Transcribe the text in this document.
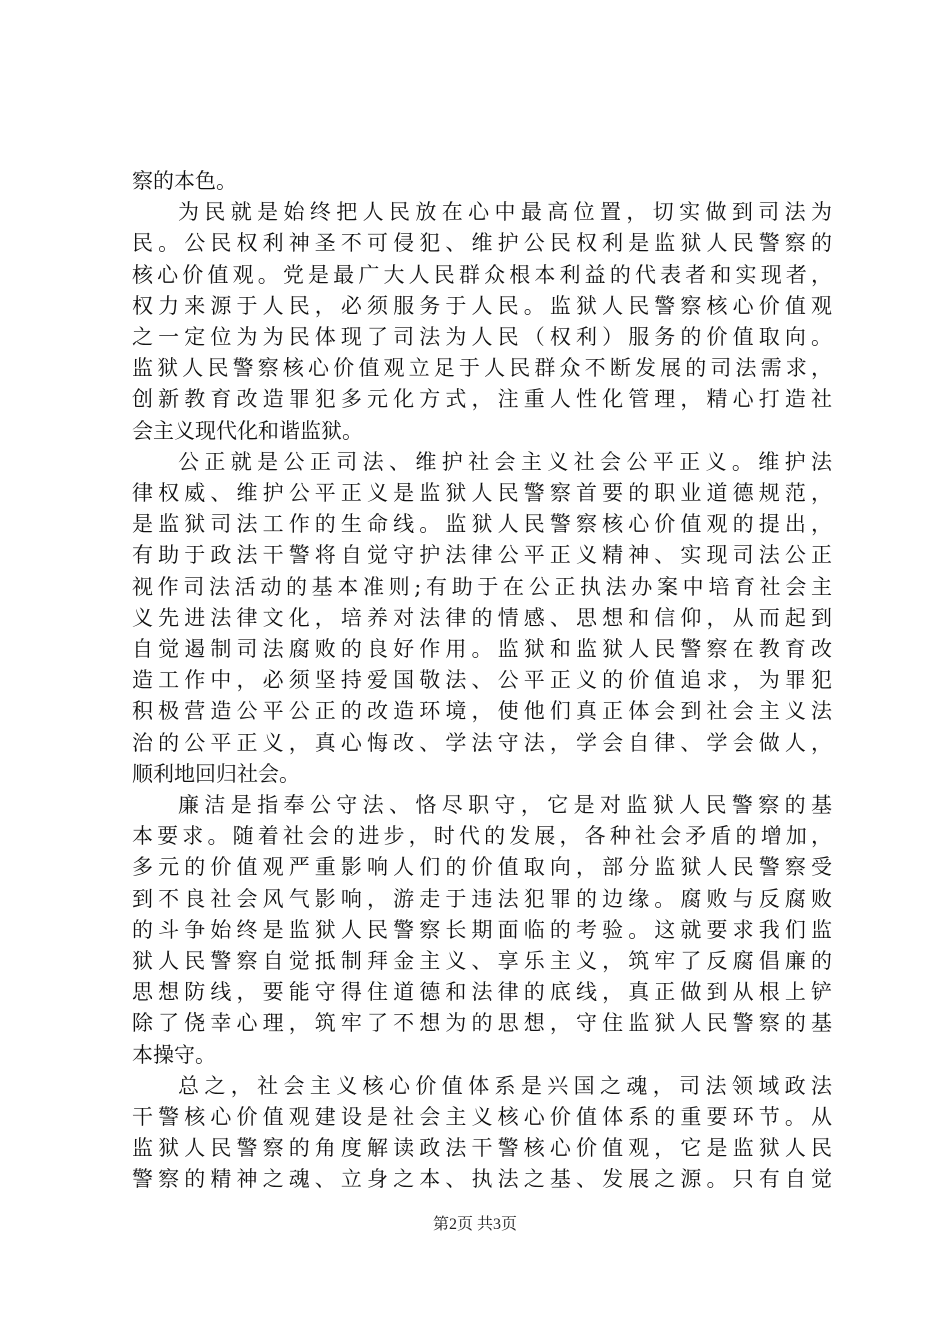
察的本色。
为民就是始终把人民放在心中最高位置，切实做到司法为
民。公民权利神圣不可侵犯、维护公民权利是监狱人民警察的
核心价值观。党是最广大人民群众根本利益的代表者和实现者，
权力来源于人民，必须服务于人民。监狱人民警察核心价值观
之一定位为为民体现了司法为人民（权利）服务的价值取向。
监狱人民警察核心价值观立足于人民群众不断发展的司法需求，
创新教育改造罪犯多元化方式，注重人性化管理，精心打造社
会主义现代化和谐监狱。
公正就是公正司法、维护社会主义社会公平正义。维护法
律权威、维护公平正义是监狱人民警察首要的职业道德规范，
是监狱司法工作的生命线。监狱人民警察核心价值观的提出，
有助于政法干警将自觉守护法律公平正义精神、实现司法公正
视作司法活动的基本准则;有助于在公正执法办案中培育社会主
义先进法律文化，培养对法律的情感、思想和信仰，从而起到
自觉遏制司法腐败的良好作用。监狱和监狱人民警察在教育改
造工作中，必须坚持爱国敬法、公平正义的价值追求，为罪犯
积极营造公平公正的改造环境，使他们真正体会到社会主义法
治的公平正义，真心悔改、学法守法，学会自律、学会做人，
顺利地回归社会。
廉洁是指奉公守法、恪尽职守，它是对监狱人民警察的基
本要求。随着社会的进步，时代的发展，各种社会矛盾的增加，
多元的价值观严重影响人们的价值取向，部分监狱人民警察受
到不良社会风气影响，游走于违法犯罪的边缘。腐败与反腐败
的斗争始终是监狱人民警察长期面临的考验。这就要求我们监
狱人民警察自觉抵制拜金主义、享乐主义，筑牢了反腐倡廉的
思想防线，要能守得住道德和法律的底线，真正做到从根上铲
除了侥幸心理，筑牢了不想为的思想，守住监狱人民警察的基
本操守。
总之，社会主义核心价值体系是兴国之魂，司法领域政法
干警核心价值观建设是社会主义核心价值体系的重要环节。从
监狱人民警察的角度解读政法干警核心价值观，它是监狱人民
警察的精神之魂、立身之本、执法之基、发展之源。只有自觉
第2页 共3页
